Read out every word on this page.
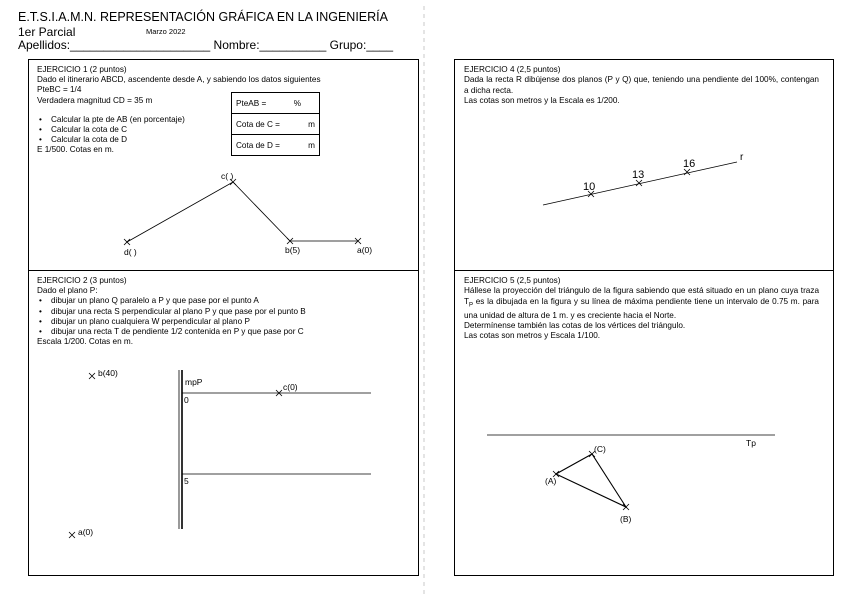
E.T.S.I.A.M.N. REPRESENTACIÓN GRÁFICA EN LA INGENIERÍA
1er Parcial	Marzo 2022
Apellidos:_____________________ Nombre:__________ Grupo:____
EJERCICIO 1 (2 puntos)
Dado el itinerario ABCD, ascendente desde A, y sabiendo los datos siguientes
PteBC = 1/4
Verdadera magnitud CD = 35 m
• Calcular la pte de AB (en porcentaje)
• Calcular la cota de C
• Calcular la cota de D
E 1/500. Cotas en m.
PteAB =	%

Cota de C =	m

Cota de D =	m
EJERCICIO 2 (3 puntos)
Dado el plano P:
• dibujar un plano Q paralelo a P y que pase por el punto A
• dibujar una recta S perpendicular al plano P y que pase por el punto B
• dibujar un plano cualquiera W perpendicular al plano P
• dibujar una recta T de pendiente 1/2 contenida en P y que pase por C
Escala 1/200. Cotas en m.
EJERCICIO 4 (2,5 puntos)
Dada la recta R dibújense dos planos (P y Q) que, teniendo una pendiente del 100%, contengan a dicha recta.
Las cotas son metros y la Escala es 1/200.
EJERCICIO 5 (2,5 puntos)
Hállese la proyección del triángulo de la figura sabiendo que está situado en un plano cuya traza $T_P$ es la dibujada en la figura y su línea de máxima pendiente tiene un intervalo de 0.75 m. para una unidad de altura de 1 m. y es creciente hacia el Norte.
Determínense también las cotas de los vértices del triángulo.
Las cotas son metros y Escala 1/100.
c( )
d( )	b(5)	a(0)
b(40)
mpP	c(0)
0
5
a(0)
r
10
13
16
Tp
(A)
(B)
(C)
